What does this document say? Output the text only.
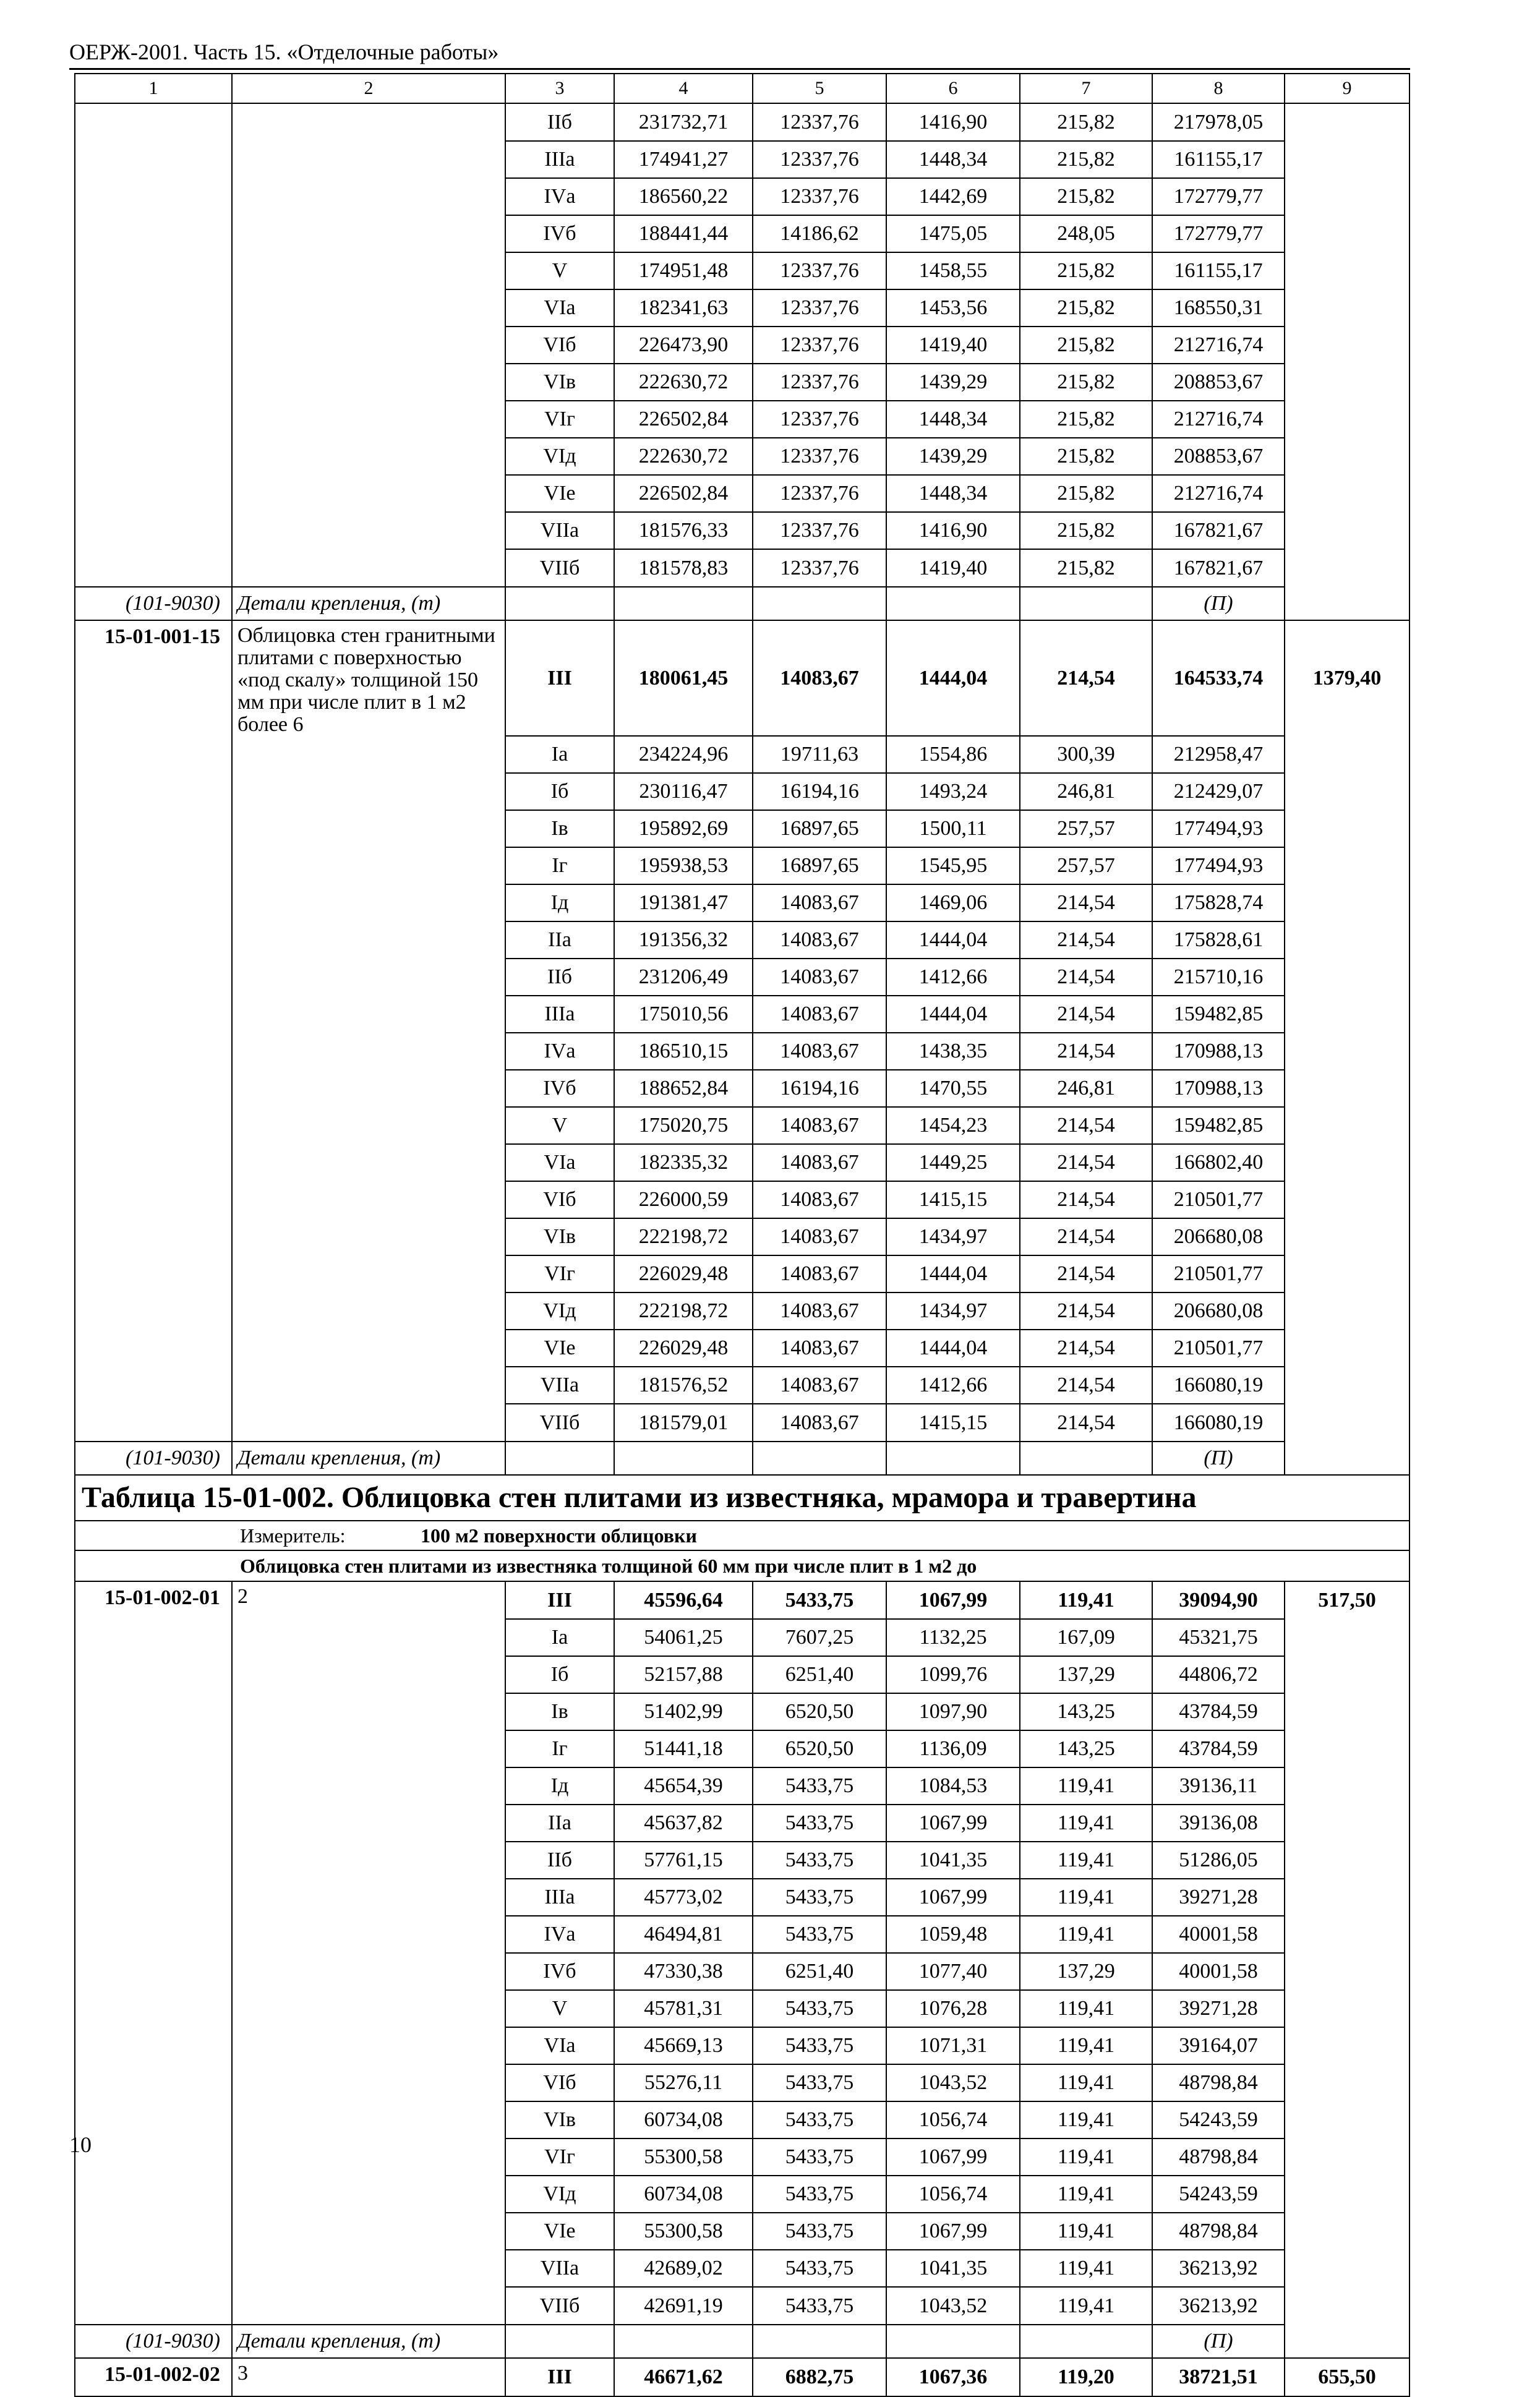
ОЕРЖ-2001. Часть 15. «Отделочные работы»
1	2	3	4	5	6	7	8	9
		IIб	231732,71	12337,76	1416,90	215,82	217978,05	
		IIIа	174941,27	12337,76	1448,34	215,82	161155,17	
		IVа	186560,22	12337,76	1442,69	215,82	172779,77	
		IVб	188441,44	14186,62	1475,05	248,05	172779,77	
		V	174951,48	12337,76	1458,55	215,82	161155,17	
		VIа	182341,63	12337,76	1453,56	215,82	168550,31	
		VIб	226473,90	12337,76	1419,40	215,82	212716,74	
		VIв	222630,72	12337,76	1439,29	215,82	208853,67	
		VIг	226502,84	12337,76	1448,34	215,82	212716,74	
		VIд	222630,72	12337,76	1439,29	215,82	208853,67	
		VIе	226502,84	12337,76	1448,34	215,82	212716,74	
		VIIа	181576,33	12337,76	1416,90	215,82	167821,67	
		VIIб	181578,83	12337,76	1419,40	215,82	167821,67	
(101-9030)	Детали крепления, (т)						(П)	
15-01-001-15	Облицовка стен гранитными плитами с поверхностью «под скалу» толщиной 150 мм при числе плит в 1 м2 более 6	III	180061,45	14083,67	1444,04	214,54	164533,74	1379,40
		Iа	234224,96	19711,63	1554,86	300,39	212958,47	
		Iб	230116,47	16194,16	1493,24	246,81	212429,07	
		Iв	195892,69	16897,65	1500,11	257,57	177494,93	
		Iг	195938,53	16897,65	1545,95	257,57	177494,93	
		Iд	191381,47	14083,67	1469,06	214,54	175828,74	
		IIа	191356,32	14083,67	1444,04	214,54	175828,61	
		IIб	231206,49	14083,67	1412,66	214,54	215710,16	
		IIIа	175010,56	14083,67	1444,04	214,54	159482,85	
		IVа	186510,15	14083,67	1438,35	214,54	170988,13	
		IVб	188652,84	16194,16	1470,55	246,81	170988,13	
		V	175020,75	14083,67	1454,23	214,54	159482,85	
		VIа	182335,32	14083,67	1449,25	214,54	166802,40	
		VIб	226000,59	14083,67	1415,15	214,54	210501,77	
		VIв	222198,72	14083,67	1434,97	214,54	206680,08	
		VIг	226029,48	14083,67	1444,04	214,54	210501,77	
		VIд	222198,72	14083,67	1434,97	214,54	206680,08	
		VIе	226029,48	14083,67	1444,04	214,54	210501,77	
		VIIа	181576,52	14083,67	1412,66	214,54	166080,19	
		VIIб	181579,01	14083,67	1415,15	214,54	166080,19	
(101-9030)	Детали крепления, (т)						(П)	
Таблица 15-01-002. Облицовка стен плитами из известняка, мрамора и травертина								
Измеритель: 100 м2 поверхности облицовки								
Облицовка стен плитами из известняка толщиной 60 мм при числе плит в 1 м2 до								
15-01-002-01	2	III	45596,64	5433,75	1067,99	119,41	39094,90	517,50
		Iа	54061,25	7607,25	1132,25	167,09	45321,75	
		Iб	52157,88	6251,40	1099,76	137,29	44806,72	
		Iв	51402,99	6520,50	1097,90	143,25	43784,59	
		Iг	51441,18	6520,50	1136,09	143,25	43784,59	
		Iд	45654,39	5433,75	1084,53	119,41	39136,11	
		IIа	45637,82	5433,75	1067,99	119,41	39136,08	
		IIб	57761,15	5433,75	1041,35	119,41	51286,05	
		IIIа	45773,02	5433,75	1067,99	119,41	39271,28	
		IVа	46494,81	5433,75	1059,48	119,41	40001,58	
		IVб	47330,38	6251,40	1077,40	137,29	40001,58	
		V	45781,31	5433,75	1076,28	119,41	39271,28	
		VIа	45669,13	5433,75	1071,31	119,41	39164,07	
		VIб	55276,11	5433,75	1043,52	119,41	48798,84	
		VIв	60734,08	5433,75	1056,74	119,41	54243,59	
		VIг	55300,58	5433,75	1067,99	119,41	48798,84	
		VIд	60734,08	5433,75	1056,74	119,41	54243,59	
		VIе	55300,58	5433,75	1067,99	119,41	48798,84	
		VIIа	42689,02	5433,75	1041,35	119,41	36213,92	
		VIIб	42691,19	5433,75	1043,52	119,41	36213,92	
(101-9030)	Детали крепления, (т)						(П)	
15-01-002-02	3	III	46671,62	6882,75	1067,36	119,20	38721,51	655,50
10
